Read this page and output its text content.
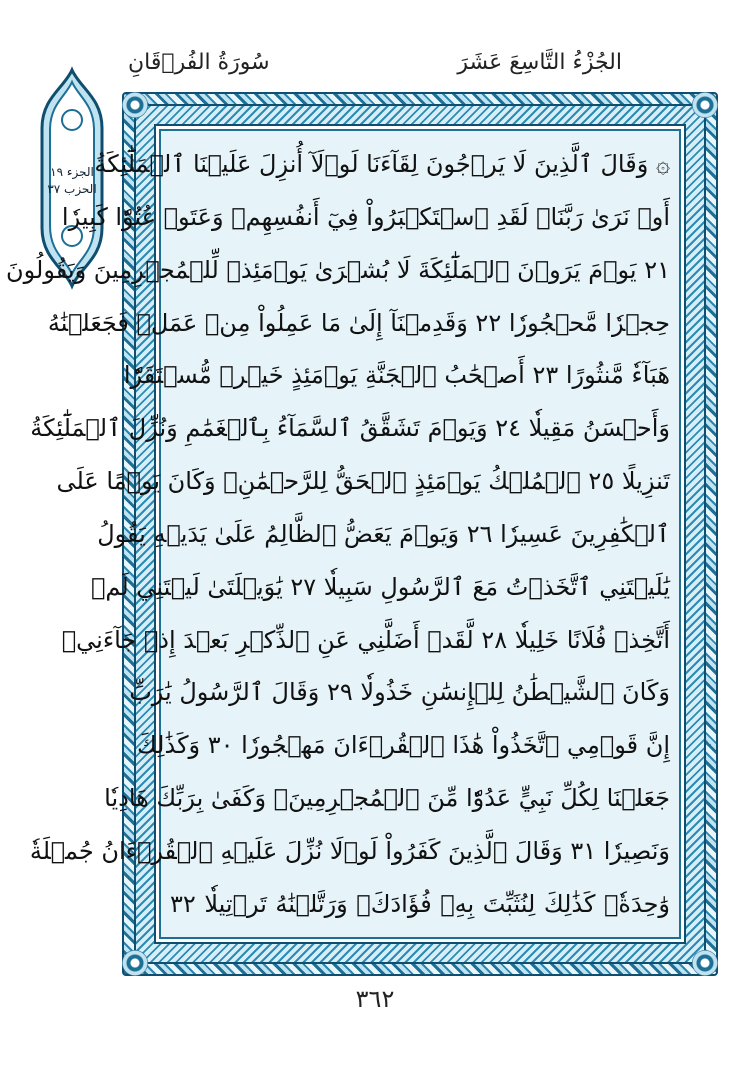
سُورَةُ الفُرۡقَانِ	الجُزْءُ التَّاسِعَ عَشَرَ
الجزء ١٩
الحزب ٣٧
۞ وَقَالَ ٱلَّذِينَ لَا يَرۡجُونَ لِقَآءَنَا لَوۡلَآ أُنزِلَ عَلَيۡنَا ٱلۡمَلَٰٓئِكَةُ
أَوۡ نَرَىٰ رَبَّنَاۗ لَقَدِ ٱسۡتَكۡبَرُواْ فِيٓ أَنفُسِهِمۡ وَعَتَوۡ عُتُوّٗا كَبِيرٗا
٢١ يَوۡمَ يَرَوۡنَ ٱلۡمَلَٰٓئِكَةَ لَا بُشۡرَىٰ يَوۡمَئِذٖ لِّلۡمُجۡرِمِينَ وَيَقُولُونَ
حِجۡرٗا مَّحۡجُورٗا ٢٢ وَقَدِمۡنَآ إِلَىٰ مَا عَمِلُواْ مِنۡ عَمَلٖ فَجَعَلۡنَٰهُ
هَبَآءٗ مَّنثُورًا ٢٣ أَصۡحَٰبُ ٱلۡجَنَّةِ يَوۡمَئِذٍ خَيۡرٞ مُّسۡتَقَرّٗا
وَأَحۡسَنُ مَقِيلٗا ٢٤ وَيَوۡمَ تَشَقَّقُ ٱلسَّمَآءُ بِٱلۡغَمَٰمِ وَنُزِّلَ ٱلۡمَلَٰٓئِكَةُ
تَنزِيلًا ٢٥ ٱلۡمُلۡكُ يَوۡمَئِذٍ ٱلۡحَقُّ لِلرَّحۡمَٰنِۚ وَكَانَ يَوۡمًا عَلَى
ٱلۡكَٰفِرِينَ عَسِيرٗا ٢٦ وَيَوۡمَ يَعَضُّ ٱلظَّالِمُ عَلَىٰ يَدَيۡهِ يَقُولُ
يَٰلَيۡتَنِي ٱتَّخَذۡتُ مَعَ ٱلرَّسُولِ سَبِيلٗا ٢٧ يَٰوَيۡلَتَىٰ لَيۡتَنِي لَمۡ
أَتَّخِذۡ فُلَانًا خَلِيلٗا ٢٨ لَّقَدۡ أَضَلَّنِي عَنِ ٱلذِّكۡرِ بَعۡدَ إِذۡ جَآءَنِيۗ
وَكَانَ ٱلشَّيۡطَٰنُ لِلۡإِنسَٰنِ خَذُولٗا ٢٩ وَقَالَ ٱلرَّسُولُ يَٰرَبِّ
إِنَّ قَوۡمِي ٱتَّخَذُواْ هَٰذَا ٱلۡقُرۡءَانَ مَهۡجُورٗا ٣٠ وَكَذَٰلِكَ
جَعَلۡنَا لِكُلِّ نَبِيٍّ عَدُوّٗا مِّنَ ٱلۡمُجۡرِمِينَۗ وَكَفَىٰ بِرَبِّكَ هَادِيٗا
وَنَصِيرٗا ٣١ وَقَالَ ٱلَّذِينَ كَفَرُواْ لَوۡلَا نُزِّلَ عَلَيۡهِ ٱلۡقُرۡءَانُ جُمۡلَةٗ
وَٰحِدَةٗۚ كَذَٰلِكَ لِنُثَبِّتَ بِهِۦ فُؤَادَكَۖ وَرَتَّلۡنَٰهُ تَرۡتِيلٗا ٣٢
٣٦٢
